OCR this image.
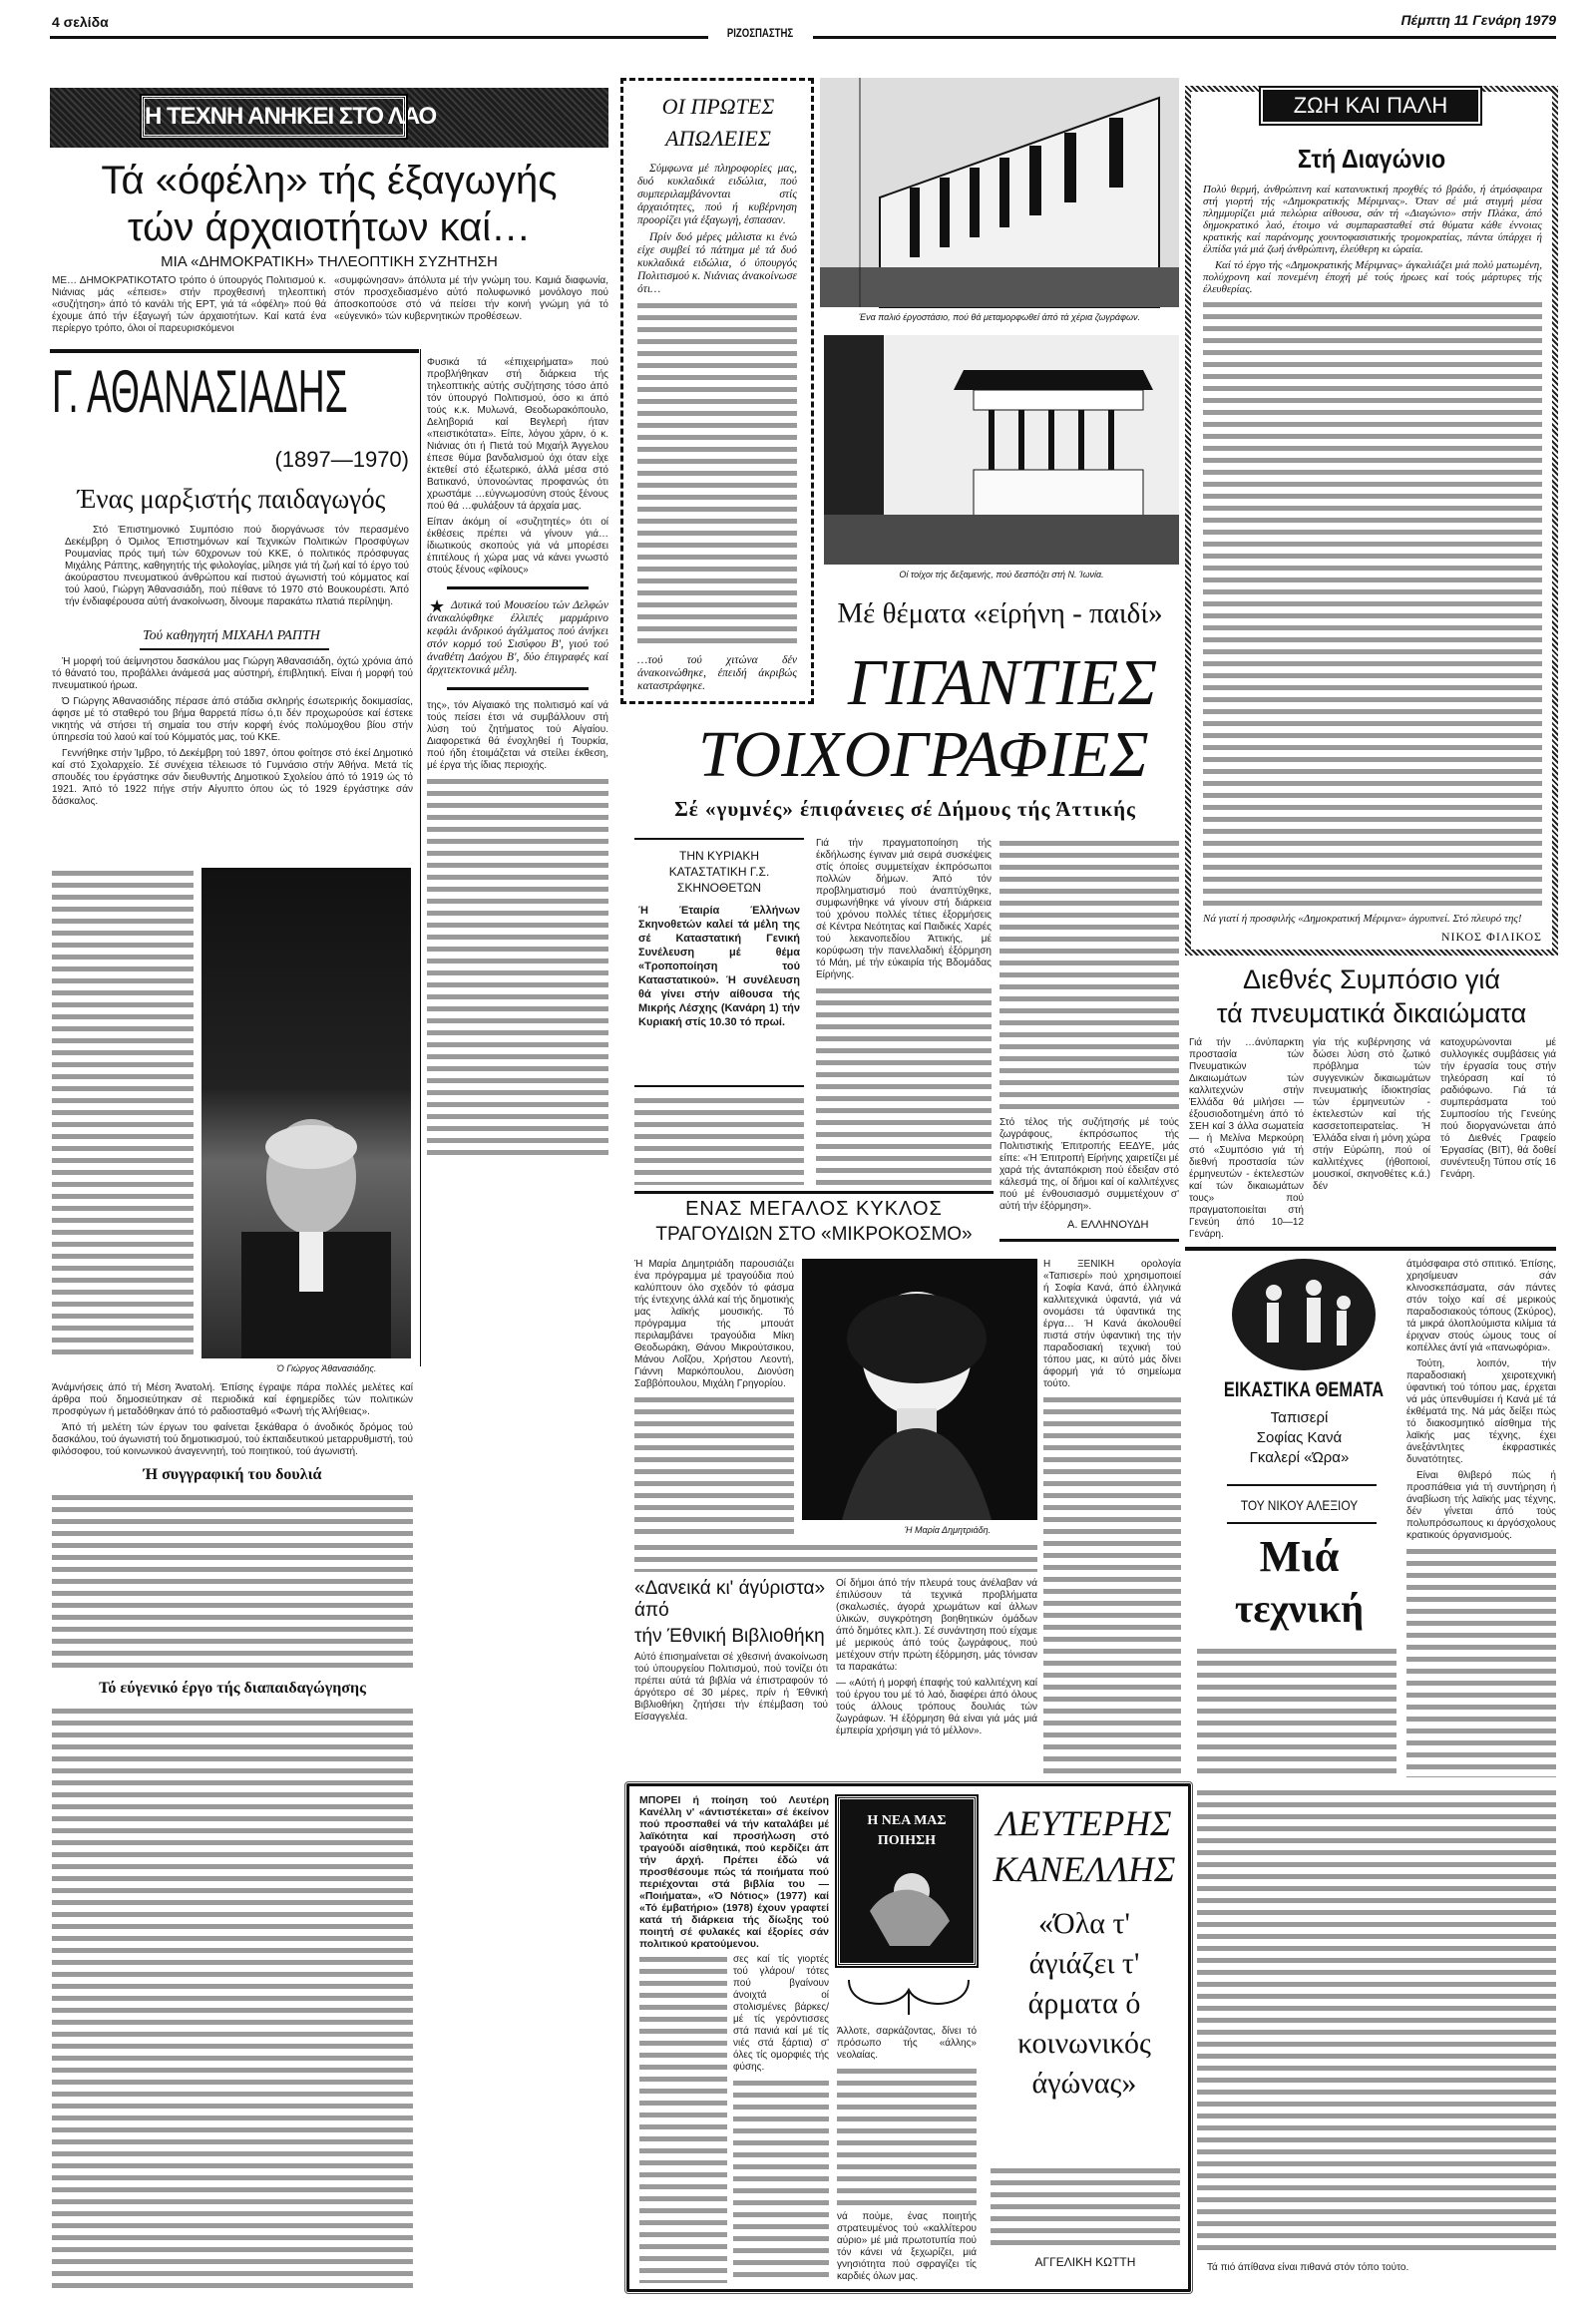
4 σελίδα
ΡΙΖΟΣΠΑΣΤΗΣ
Πέμπτη 11 Γενάρη 1979
Η ΤΕΧΝΗ ΑΝΗΚΕΙ ΣΤΟ ΛΑΟ
Τά «όφέλη» τής έξαγωγής
τών άρχαιοτήτων καί…
ΜΙΑ «ΔΗΜΟΚΡΑΤΙΚΗ» ΤΗΛΕΟΠΤΙΚΗ ΣΥΖΗΤΗΣΗ
ΜΕ… ΔΗΜΟΚΡΑΤΙΚΟΤΑΤΟ τρόπο ό ύπουργός Πολιτισμού κ. Νιάνιας μάς «έπεισε» στήν προχθεσινή τηλεοπτική «συζήτηση» άπό τό κανάλι τής ΕΡΤ, γιά τά «όφέλη» πού θά έχουμε άπό τήν έξαγωγή τών άρχαιοτήτων. Καί κατά ένα περίεργο τρόπο, όλοι οί παρευρισκόμενοι
«συμφώνησαν» άπόλυτα μέ τήν γνώμη του. Καμιά διαφωνία, στόν προσχεδιασμένο αύτό πολυφωνικό μονόλογο πού άποσκοπούσε στό νά πείσει τήν κοινή γνώμη γιά τό «εύγενικό» τών κυβερνητικών προθέσεων.
Φυσικά τά «έπιχειρήματα» πού προβλήθηκαν στή διάρκεια τής τηλεοπτικής αύτής συζήτησης τόσο άπό τόν ύπουργό Πολιτισμού, όσο κι άπό τούς κ.κ. Μυλωνά, Θεοδωρακόπουλο, Δεληβοριά καί Βεγλερή ήταν «πειστικότατα». Είπε, λόγου χάριν, ό κ. Νιάνιας ότι ή Πιετά τού Μιχαήλ Άγγελου έπεσε θύμα βανδαλισμού όχι όταν είχε έκτεθεί στό έξωτερικό, άλλά μέσα στό Βατικανό, ύπονοώντας προφανώς ότι χρωστάμε …εύγνωμοσύνη στούς ξένους πού θά …φυλάξουν τά άρχαία μας.
Είπαν άκόμη οί «συζητητές» ότι οί έκθέσεις πρέπει νά γίνουν γιά… ίδιωτικούς σκοπούς γιά νά μπορέσει έπιτέλους ή χώρα μας νά κάνει γνωστό στούς ξένους «φίλους»
★ Δυτικά τού Μουσείου τών Δελφών άνακαλύφθηκε έλλιπές μαρμάρινο κεφάλι άνδρικού άγάλματος πού άνήκει στόν κορμό τού Σισύφου Β', γιού τού άναθέτη Δαόχου Β', δύο έπιγραφές καί άρχιτεκτονικά μέλη.
της», τόν Αίγαιακό της πολιτισμό καί νά τούς πείσει έτσι νά συμβάλλουν στή λύση τού ζητήματος τού Αίγαίου. Διαφορετικά θά ένοχληθεί ή Τουρκία, πού ήδη έτοιμάζεται νά στείλει έκθεση, μέ έργα τής ίδιας περιοχής.
Γ. ΑΘΑΝΑΣΙΑΔΗΣ
(1897—1970)
Ένας μαρξιστής παιδαγωγός
Στό Έπιστημονικό Συμπόσιο πού διοργάνωσε τόν περασμένο Δεκέμβρη ό Όμιλος Έπιστημόνων καί Τεχνικών Πολιτικών Προσφύγων Ρουμανίας πρός τιμή τών 60χρονων τού ΚΚΕ, ό πολιτικός πρόσφυγας Μιχάλης Ράπτης, καθηγητής τής φιλολογίας, μίλησε γιά τή ζωή καί τό έργο τού άκούραστου πνευματικού άνθρώπου καί πιστού άγωνιστή τού κόμματος καί τού λαού, Γιώργη Άθανασιάδη, πού πέθανε τό 1970 στό Βουκουρέστι. Άπό τήν ένδιαφέρουσα αύτή άνακοίνωση, δίνουμε παρακάτω πλατιά περίληψη.
Τού καθηγητή ΜΙΧΑΗΛ ΡΑΠΤΗ
Ή μορφή τού άείμνηστου δασκάλου μας Γιώργη Άθανασιάδη, όχτώ χρόνια άπό τό θάνατό του, προβάλλει άνάμεσά μας αύστηρή, έπιβλητική. Είναι ή μορφή τού πνευματικού ήρωα.
Ό Γιώργης Άθανασιάδης πέρασε άπό στάδια σκληρής έσωτερικής δοκιμασίας, άφησε μέ τό σταθερό του βήμα θαρρετά πίσω ό,τι δέν προχωρούσε καί έστεκε νικητής νά στήσει τή σημαία του στήν κορφή ένός πολύμοχθου βίου στήν ύπηρεσία τού λαού καί τού Κόμματός μας, τού ΚΚΕ.
Γεννήθηκε στήν Ίμβρο, τό Δεκέμβρη τού 1897, όπου φοίτησε στό έκεί Δημοτικό καί στό Σχολαρχείο. Σέ συνέχεια τέλειωσε τό Γυμνάσιο στήν Άθήνα. Μετά τίς σπουδές του έργάστηκε σάν διευθυντής Δημοτικού Σχολείου άπό τό 1919 ώς τό 1921. Άπό τό 1922 πήγε στήν Αίγυπτο όπου ώς τό 1929 έργάστηκε σάν δάσκαλος.
Ό Γιώργος Άθανασιάδης.
Άνάμνήσεις άπό τή Μέση Άνατολή. Έπίσης έγραψε πάρα πολλές μελέτες καί άρθρα πού δημοσιεύτηκαν σέ περιοδικά καί έφημερίδες τών πολιτικών προσφύγων ή μεταδόθηκαν άπό τό ραδιοσταθμό «Φωνή τής Άλήθειας».
Άπό τή μελέτη τών έργων του φαίνεται ξεκάθαρα ό άνοδικός δρόμος τού δασκάλου, τού άγωνιστή τού δημοτικισμού, τού έκπαιδευτικού μεταρρυθμιστή, τού φιλόσοφου, τού κοινωνικού άναγεννητή, τού ποιητικού, τού άγωνιστή.
Ή συγγραφική του δουλιά
Τό εύγενικό έργο τής διαπαιδαγώγησης
ΟΙ ΠΡΩΤΕΣ ΑΠΩΛΕΙΕΣ
Σύμφωνα μέ πληροφορίες μας, δυό κυκλαδικά ειδώλια, πού συμπεριλαμβάνονται στίς άρχαιότητες, πού ή κυβέρνηση προορίζει γιά έξαγωγή, έσπασαν.
Πρίν δυό μέρες μάλιστα κι ένώ είχε συμβεί τό πάτημα μέ τά δυό κυκλαδικά ειδώλια, ό ύπουργός Πολιτισμού κ. Νιάνιας άνακοίνωσε ότι…
…τού τού χιτώνα δέν άνακοινώθηκε, έπειδή άκριβώς καταστράφηκε.
Ένα παλιό έργοστάσιο, πού θά μεταμορφωθεί άπό τά χέρια ζωγράφων.
Οί τοίχοι τής δεξαμενής, πού δεσπόζει στή Ν. Ίωνία.
Μέ θέματα «είρήνη - παιδί»
ΓΙΓΑΝΤΙΕΣ
ΤΟΙΧΟΓΡΑΦΙΕΣ
Σέ «γυμνές» έπιφάνειες σέ Δήμους τής Άττικής
ΤΗΝ ΚΥΡΙΑΚΗ ΚΑΤΑΣΤΑΤΙΚΗ Γ.Σ. ΣΚΗΝΟΘΕΤΩΝ
Ή Έταιρία Έλλήνων Σκηνοθετών καλεί τά μέλη της σέ Καταστατική Γενική Συνέλευση μέ θέμα «Τροποποίηση τού Καταστατικού». Ή συνέλευση θά γίνει στήν αίθουσα τής Μικρής Λέσχης (Κανάρη 1) τήν Κυριακή στίς 10.30 τό πρωί.
Γιά τήν πραγματοποίηση τής έκδήλωσης έγιναν μιά σειρά συσκέψεις στίς όποίες συμμετείχαν έκπρόσωποι πολλών δήμων. Άπό τόν προβληματισμό πού άναπτύχθηκε, συμφωνήθηκε νά γίνουν στή διάρκεια τού χρόνου πολλές τέτιες έξορμήσεις σέ Κέντρα Νεότητας καί Παιδικές Χαρές τού λεκανοπεδίου Άττικής, μέ κορύφωση τήν πανελλαδική έξόρμηση τό Μάη, μέ τήν εύκαιρία τής Βδομάδας Είρήνης.
Στό τέλος τής συζήτησής μέ τούς ζωγράφους, έκπρόσωπος τής Πολιτιστικής Έπιτροπής ΕΕΔΥΕ, μάς είπε: «Ή Έπιτροπή Είρήνης χαιρετίζει μέ χαρά τής άνταπόκριση πού έδειξαν στό κάλεσμά της, οί δήμοι καί οί καλλιτέχνες πού μέ ένθουσιασμό συμμετέχουν σ' αύτή τήν έξόρμηση».
Α. ΕΛΛΗΝΟΥΔΗ
ΕΝΑΣ ΜΕΓΑΛΟΣ ΚΥΚΛΟΣ
ΤΡΑΓΟΥΔΙΩΝ ΣΤΟ «ΜΙΚΡΟΚΟΣΜΟ»
Ή Μαρία Δημητριάδη παρουσιάζει ένα πρόγραμμα μέ τραγούδια πού καλύπτουν όλο σχεδόν τό φάσμα τής έντεχνης άλλά καί τής δημοτικής μας λαϊκής μουσικής. Τό πρόγραμμα τής μπουάτ περιλαμβάνει τραγούδια Μίκη Θεοδωράκη, Θάνου Μικρούτσικου, Μάνου Λοΐζου, Χρήστου Λεοντή, Γιάννη Μαρκόπουλου, Διονύση Σαββόπουλου, Μιχάλη Γρηγορίου.
Ή Μαρία Δημητριάδη.
«Δανεικά κι' άγύριστα» άπό
τήν Έθνική Βιβλιοθήκη
Αύτό έπισημαίνεται σέ χθεσινή άνακοίνωση τού ύπουργείου Πολιτισμού, πού τονίζει ότι πρέπει αύτά τά βιβλία νά έπιστραφούν τό άργότερο σέ 30 μέρες, πρίν ή Έθνική Βιβλιοθήκη ζητήσει τήν έπέμβαση τού Είσαγγελέα.
Οί δήμοι άπό τήν πλευρά τους άνέλαβαν νά έπιλύσουν τά τεχνικά προβλήματα (σκαλωσιές, άγορά χρωμάτων καί άλλων ύλικών, συγκρότηση βοηθητικών όμάδων άπό δημότες κλπ.). Σέ συνάντηση πού είχαμε μέ μερικούς άπό τούς ζωγράφους, πού μετέχουν στήν πρώτη έξόρμηση, μάς τόνισαν τα παρακάτω:
— «Αύτή ή μορφή έπαφής τού καλλιτέχνη καί τού έργου του μέ τό λαό, διαφέρει άπό όλους τούς άλλους τρόπους δουλιάς τών ζωγράφων. Ή έξόρμηση θά είναι γιά μάς μιά έμπειρία χρήσιμη γιά τό μέλλον».
ΖΩΗ ΚΑΙ ΠΑΛΗ
Στή Διαγώνιο
Πολύ θερμή, άνθρώπινη καί κατανυκτική προχθές τό βράδυ, ή άτμόσφαιρα στή γιορτή τής «Δημοκρατικής Μέριμνας». Όταν σέ μιά στιγμή μέσα πλημμυρίζει μιά πελώρια αίθουσα, σάν τή «Διαγώνιο» στήν Πλάκα, άπό δημοκρατικό λαό, έτοιμο νά συμπαρασταθεί στά θύματα κάθε έννοιας κρατικής καί παράνομης χουντοφασιστικής τρομοκρατίας, πάντα ύπάρχει ή έλπίδα γιά μιά ζωή άνθρώπινη, έλεύθερη κι ώραία.
Καί τό έργο τής «Δημοκρατικής Μέριμνας» άγκαλιάζει μιά πολύ ματωμένη, πολύχρονη καί πονεμένη έποχή μέ τούς ήρωες καί τούς μάρτυρες τής έλευθερίας.
Νά γιατί ή προσφιλής «Δημοκρατική Μέριμνα» άγρυπνεί. Στό πλευρό της!
ΝΙΚΟΣ ΦΙΛΙΚΟΣ
Διεθνές Συμπόσιο γιά
τά πνευματικά δικαιώματα
Γιά τήν …άνύπαρκτη προστασία τών Πνευματικών Δικαιωμάτων τών καλλιτεχνών στήν Έλλάδα θά μιλήσει —έξουσιοδοτημένη άπό τό ΣΕΗ καί 3 άλλα σωματεία— ή Μελίνα Μερκούρη στό «Συμπόσιο γιά τή διεθνή προστασία τών έρμηνευτών - έκτελεστών καί τών δικαιωμάτων τους» πού πραγματοποιείται στή Γενεύη άπό 10—12 Γενάρη.
γία τής κυβέρνησης νά δώσει λύση στό ζωτικό πρόβλημα τών συγγενικών δικαιωμάτων πνευματικής ίδιοκτησίας τών έρμηνευτών - έκτελεστών καί τής κασσετοπειρατείας. Ή Έλλάδα είναι ή μόνη χώρα στήν Εύρώπη, πού οί καλλιτέχνες (ήθοποιοί, μουσικοί, σκηνοθέτες κ.ά.) δέν
κατοχυρώνονται μέ συλλογικές συμβάσεις γιά τήν έργασία τους στήν τηλεόραση καί τό ραδιόφωνο. Γιά τά συμπεράσματα τού Συμποσίου τής Γενεύης πού διοργανώνεται άπό τό Διεθνές Γραφείο Έργασίας (BIT), θά δοθεί συνέντευξη Τύπου στίς 16 Γενάρη.
Η ΞΕΝΙΚΗ ορολογία «Ταπισερί» πού χρησιμοποιεί ή Σοφία Κανά, άπό έλληνικά καλλιτεχνικά ύφαντά, γιά νά ονομάσει τά ύφαντικά της έργα… Ή Κανά άκολουθεί πιστά στήν ύφαντική της τήν παραδοσιακή τεχνική τού τόπου μας, κι αύτό μάς δίνει άφορμή γιά τό σημείωμα τούτο.	ΕΙΚΑΣΤΙΚΑ ΘΕΜΑΤΑ
Ταπισερί
Σοφίας Κανά
Γκαλερί «Ώρα»
ΤΟΥ ΝΙΚΟΥ ΑΛΕΞΙΟΥ
Μιά
τεχνική
άτμόσφαιρα στό σπιτικό. Έπίσης, χρησίμευαν σάν κλινοσκεπάσματα, σάν πάντες στόν τοίχο καί σέ μερικούς παραδοσιακούς τόπους (Σκύρος), τά μικρά όλοπλούμιστα κιλίμια τά έριχναν στούς ώμους τους οί κοπέλλες άντί γιά «πανωφόρια».
Τούτη, λοιπόν, τήν παραδοσιακή χειροτεχνική ύφαντική τού τόπου μας, έρχεται νά μάς ύπενθυμίσει ή Κανά μέ τά έκθέματά της. Νά μάς δείξει πώς τό διακοσμητικό αίσθημα τής λαϊκής μας τέχνης, έχει άνεξάντλητες έκφραστικές δυνατότητες.
Είναι θλιβερό πώς ή προσπάθεια γιά τή συντήρηση ή άναβίωση τής λαϊκής μας τέχνης, δέν γίνεται άπό τούς πολυπρόσωπους κι άργόσχολους κρατικούς όργανισμούς.
Τά πιό άπίθανα είναι πιθανά στόν τόπο τούτο.
ΜΠΟΡΕΙ ή ποίηση τού Λευτέρη Κανέλλη ν' «άντιστέκεται» σέ έκείνον πού προσπαθεί νά τήν καταλάβει μέ λαϊκότητα καί προσήλωση στό τραγούδι αίσθητικά, πού κερδίζει άπ τήν άρχή. Πρέπει έδώ νά προσθέσουμε πώς τά ποιήματα πού περιέχονται στά βιβλία του — «Ποιήματα», «Ό Νότιος» (1977) καί «Τό έμβατήριο» (1978) έχουν γραφτεί κατά τή διάρκεια τής δίωξης τού ποιητή σέ φυλακές καί έξορίες σάν πολιτικού κρατούμενου.
σες καί τίς γιορτές τού γλάρου/ τότες πού βγαίνουν άνοιχτά οί στολισμένες βάρκες/ μέ τίς γερόντισσες στά πανιά καί μέ τίς νιές στά ξάρτια) σ' όλες τίς ομορφιές τής φύσης.
Η ΝΕΑ ΜΑΣ ΠΟΙΗΣΗ
Άλλοτε, σαρκάζοντας, δίνει τό πρόσωπο τής «άλλης» νεολαίας.
νά πούμε, ένας ποιητής στρατευμένος τού «καλλίτερου αύριο» μέ μιά πρωτοτυπία πού τόν κάνει νά ξεχωρίζει, μιά γνησιότητα πού σφραγίζει τίς καρδιές όλων μας.
ΛΕΥΤΕΡΗΣ
ΚΑΝΕΛΛΗΣ
«Όλα τ' άγιάζει τ' άρματα ό κοινωνικός άγώνας»
ΑΓΓΕΛΙΚΗ ΚΩΤΤΗ
